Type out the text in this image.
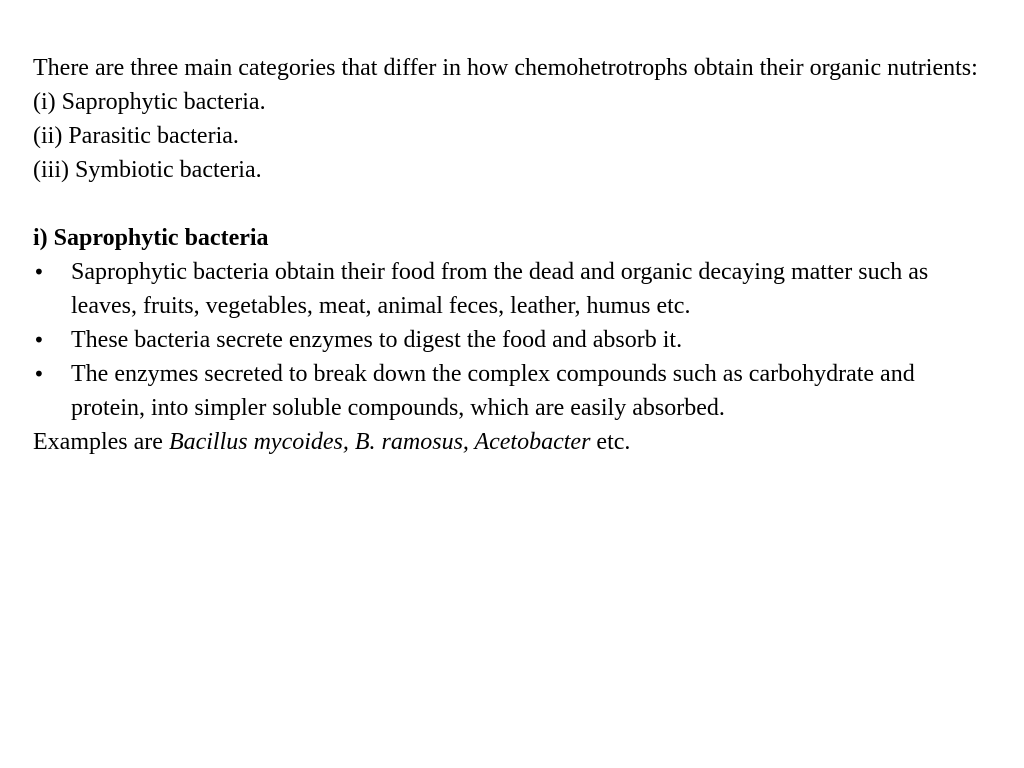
There are three main categories that differ in how chemohetrotrophs obtain their organic nutrients:
(i) Saprophytic bacteria.
(ii) Parasitic bacteria.
(iii) Symbiotic bacteria.
i) Saprophytic bacteria
•	Saprophytic bacteria obtain their food from the dead and organic decaying matter such as leaves, fruits, vegetables, meat, animal feces, leather, humus etc.
•	These bacteria secrete enzymes to digest the food and absorb it.
•	The enzymes secreted to break down the complex compounds such as carbohydrate and protein, into simpler soluble compounds, which are easily absorbed.
Examples are Bacillus mycoides, B. ramosus, Acetobacter etc.
